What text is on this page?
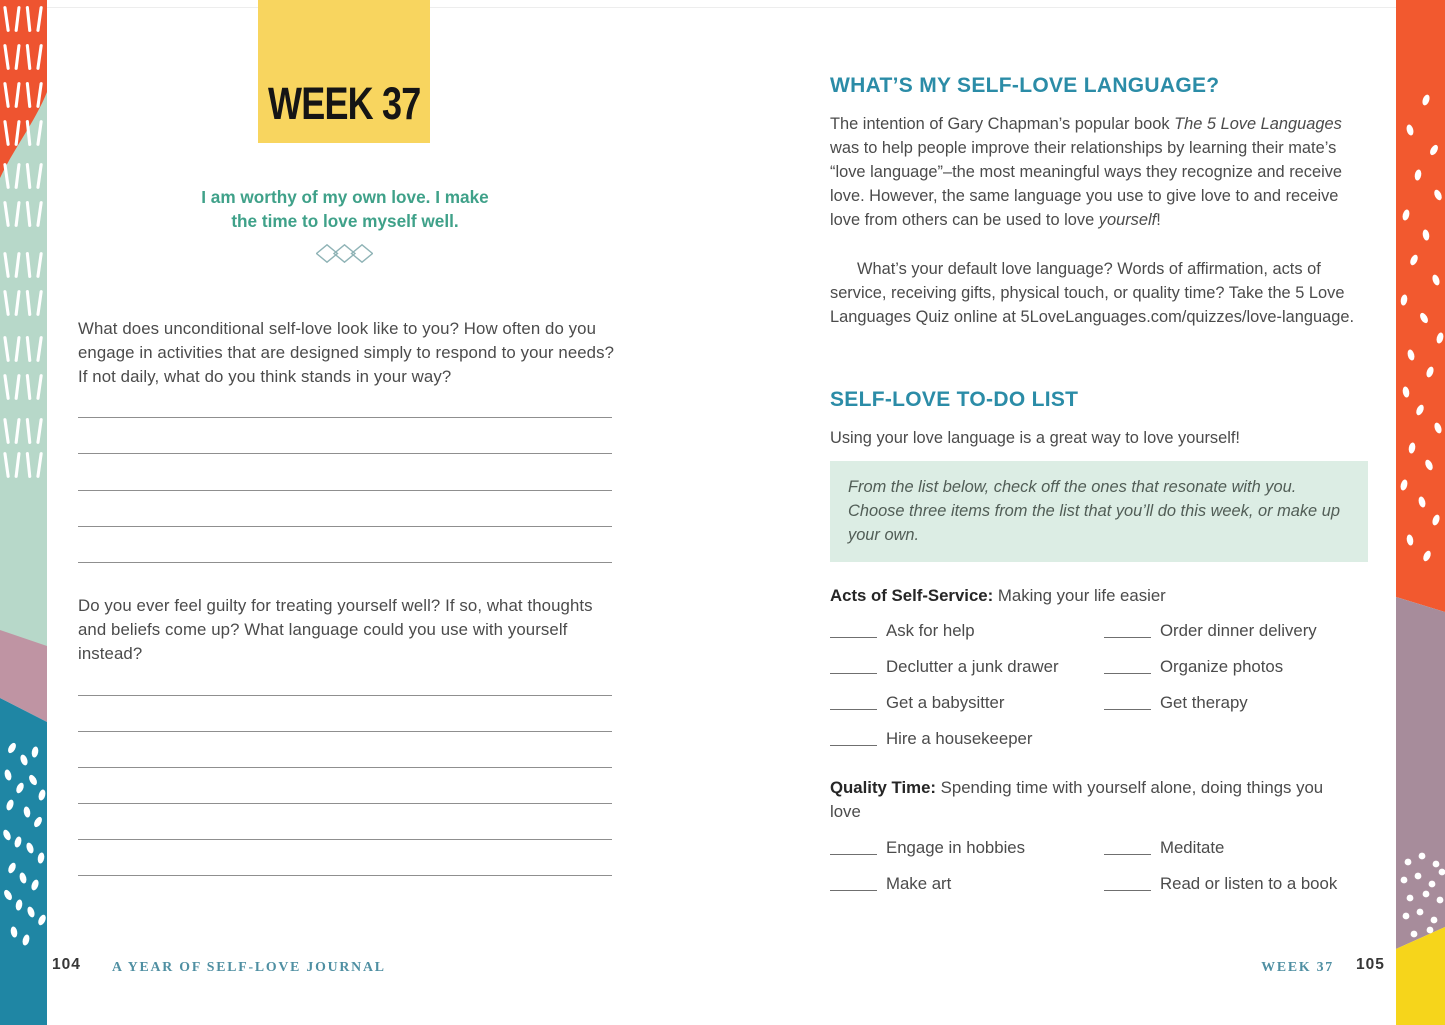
WEEK 37
I am worthy of my own love. I make
the time to love myself well.
What does unconditional self-love look like to you? How often do you engage in activities that are designed simply to respond to your needs? If not daily, what do you think stands in your way?
Do you ever feel guilty for treating yourself well? If so, what thoughts and beliefs come up? What language could you use with yourself instead?
104 A YEAR OF SELF-LOVE JOURNAL
WHAT’S MY SELF-LOVE LANGUAGE?
The intention of Gary Chapman’s popular book The 5 Love Languages was to help people improve their relationships by learning their mate’s “love language”–the most meaningful ways they recognize and receive love. However, the same language you use to give love to and receive love from others can be used to love yourself!
What’s your default love language? Words of affirmation, acts of service, receiving gifts, physical touch, or quality time? Take the 5 Love Languages Quiz online at 5LoveLanguages.com/quizzes/love-language.
SELF-LOVE TO-DO LIST
Using your love language is a great way to love yourself!
From the list below, check off the ones that resonate with you. Choose three items from the list that you’ll do this week, or make up your own.
Acts of Self-Service: Making your life easier
Ask for help	Order dinner delivery
Declutter a junk drawer	Organize photos
Get a babysitter	Get therapy
Hire a housekeeper
Quality Time: Spending time with yourself alone, doing things you love
Engage in hobbies	Meditate
Make art	Read or listen to a book
WEEK 37 105
